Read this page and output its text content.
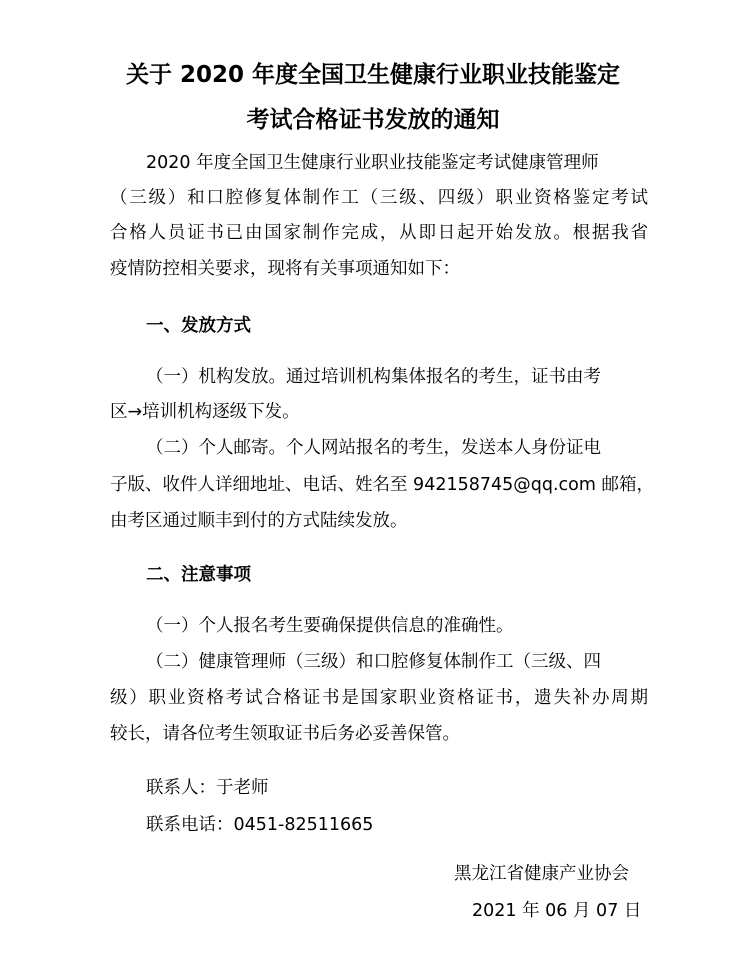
关于 2020 年度全国卫生健康行业职业技能鉴定
考试合格证书发放的通知
2020 年度全国卫生健康行业职业技能鉴定考试健康管理师
（三级）和口腔修复体制作工（三级、四级）职业资格鉴定考试
合格人员证书已由国家制作完成，从即日起开始发放。根据我省
疫情防控相关要求，现将有关事项通知如下：
一、发放方式
（一）机构发放。通过培训机构集体报名的考生，证书由考
区→培训机构逐级下发。
（二）个人邮寄。个人网站报名的考生，发送本人身份证电
子版、收件人详细地址、电话、姓名至 942158745@qq.com 邮箱，
由考区通过顺丰到付的方式陆续发放。
二、注意事项
（一）个人报名考生要确保提供信息的准确性。
（二）健康管理师（三级）和口腔修复体制作工（三级、四
级）职业资格考试合格证书是国家职业资格证书，遗失补办周期
较长，请各位考生领取证书后务必妥善保管。
联系人：于老师
联系电话：0451-82511665
黑龙江省健康产业协会
2021 年 06 月 07 日
